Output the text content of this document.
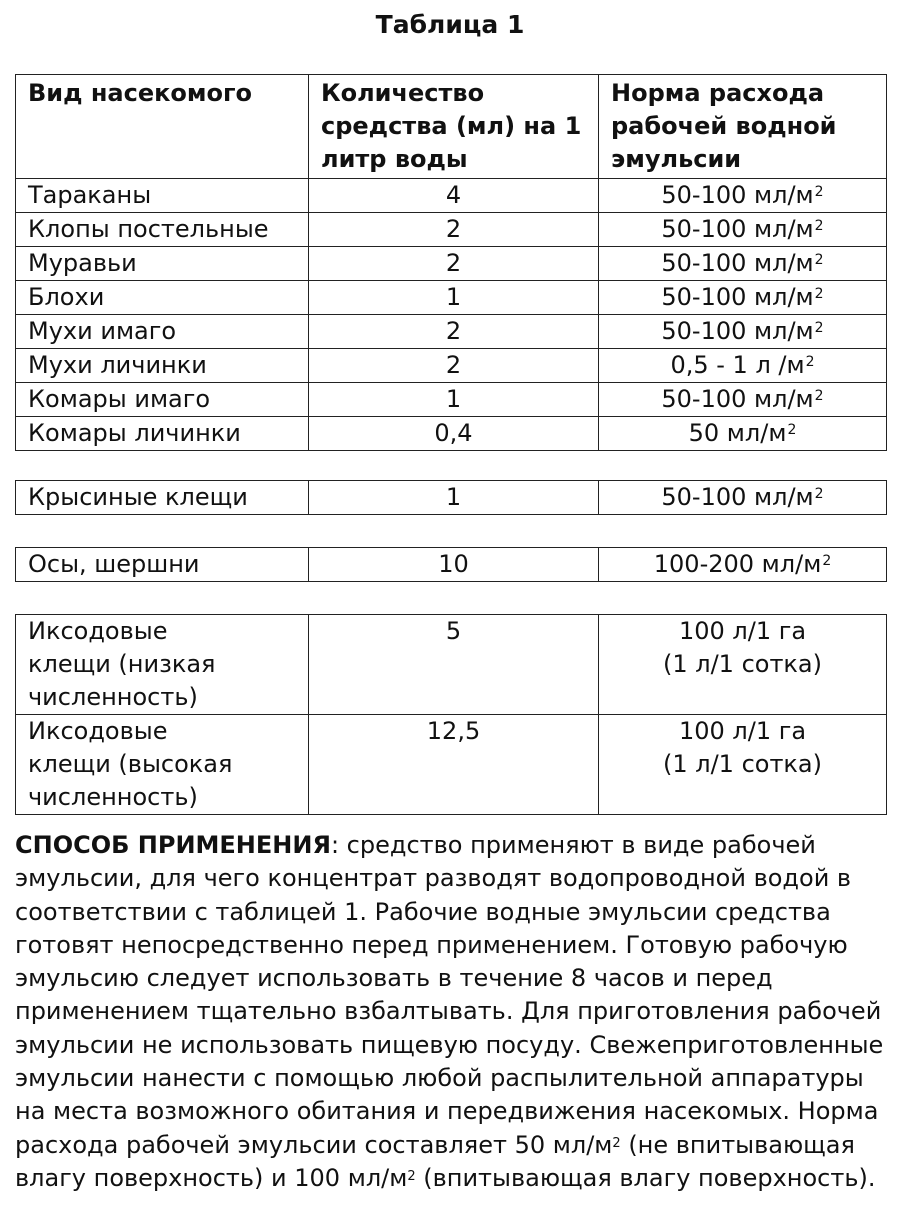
Таблица 1
Вид насекомого	Количество средства (мл) на 1 литр воды	Норма расхода рабочей водной эмульсии
Тараканы	4	50-100 $мл/м^2$
Клопы постельные	2	50-100 $мл/м^2$
Муравьи	2	50-100 $мл/м^2$
Блохи	1	50-100 $мл/м^2$
Мухи имаго	2	50-100 $мл/м^2$
Мухи личинки	2	0,5 - 1 л $/м^2$
Комары имаго	1	50-100 $мл/м^2$
Комары личинки	0,4	50 $мл/м^2$
Крысиные клещи	1	50-100 $мл/м^2$
Осы, шершни	10	100-200 $мл/м^2$
Иксодовые клещи (низкая численность)	5	100 л/1 га
(1 л/1 сотка)

Иксодовые клещи (высокая численность)	12,5	100 л/1 га
(1 л/1 сотка)
СПОСОБ ПРИМЕНЕНИЯ: средство применяют в виде рабочей эмульсии, для чего концентрат разводят водопроводной водой в соответствии с таблицей 1. Рабочие водные эмульсии средства готовят непосредственно перед применением. Готовую рабочую эмульсию следует использовать в течение 8 часов и перед применением тщательно взбалтывать. Для приготовления рабочей эмульсии не использовать пищевую посуду. Свежеприготовленные эмульсии нанести с помощью любой распылительной аппаратуры на места возможного обитания и передвижения насекомых. Норма расхода рабочей эмульсии составляет 50 $мл/м^2$ (не впитывающая влагу поверхность) и 100 $мл/м^2$ (впитывающая влагу поверхность).
